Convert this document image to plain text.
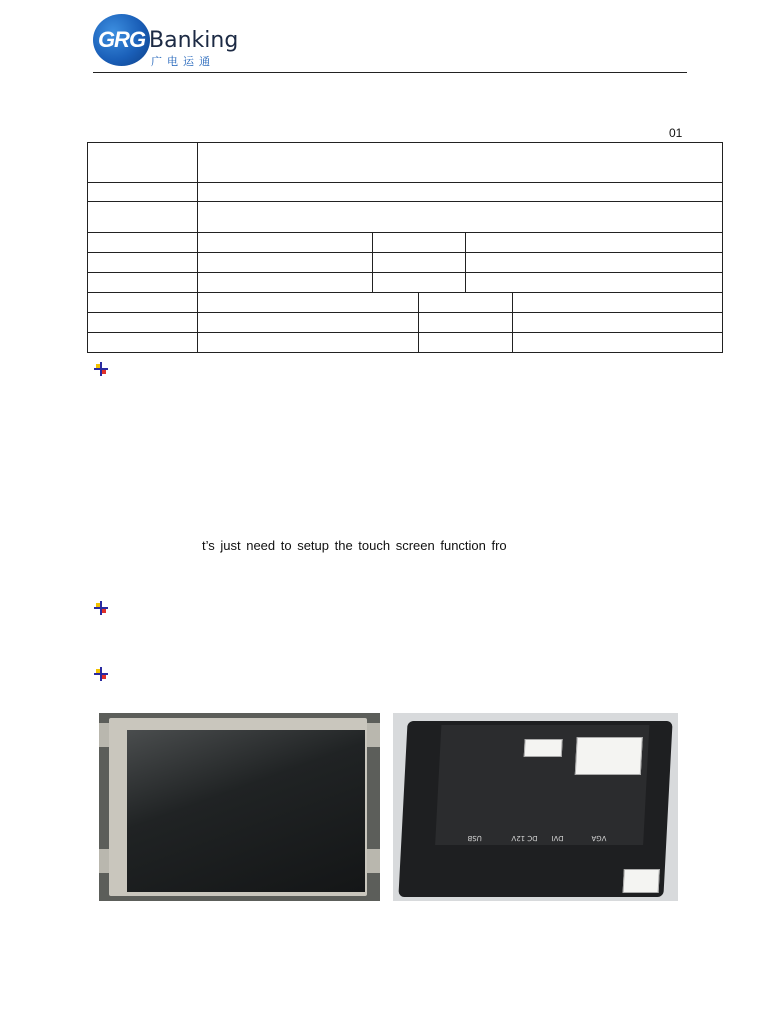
GRG Banking
广电运通
01

t’s just need to setup the touch screen function fro
USB	DC 12V DVI	VGA
